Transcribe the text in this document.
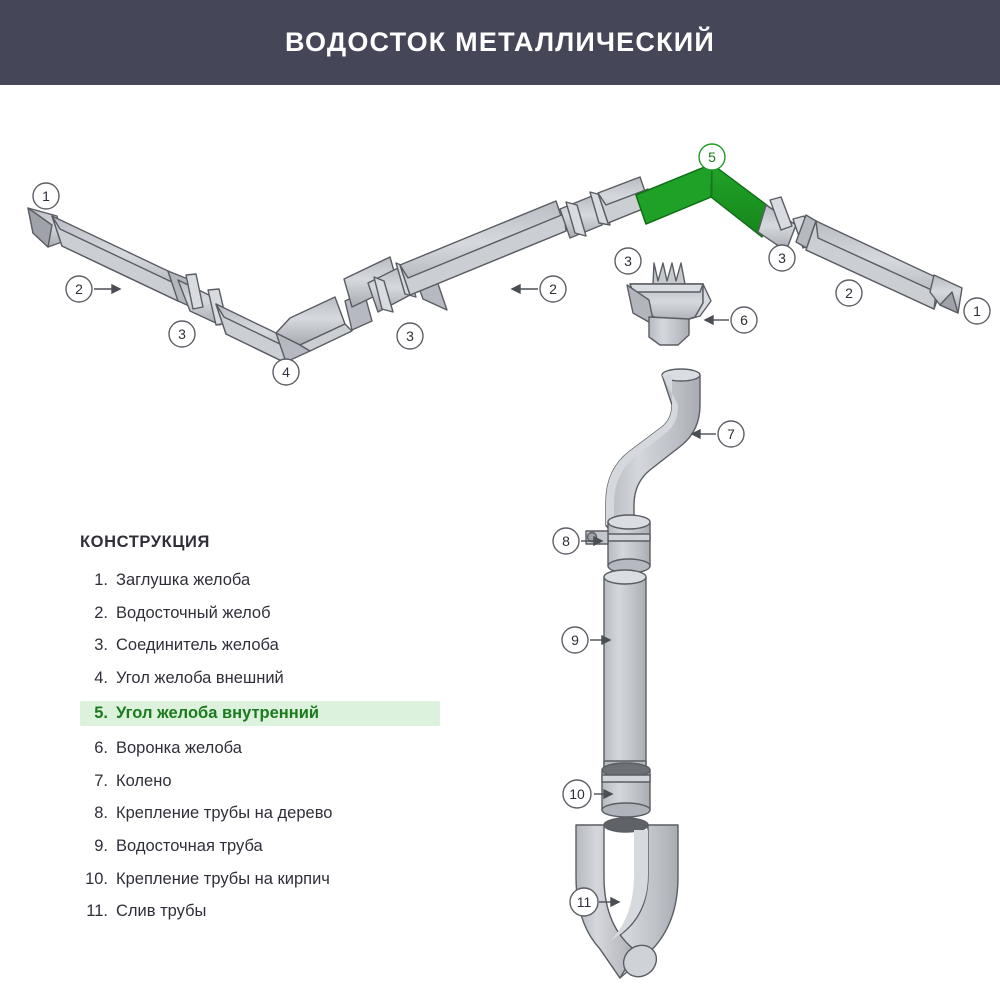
ВОДОСТОК МЕТАЛЛИЧЕСКИЙ
1
2
3
4
3
2
3
5
3
2
1
6
7
8
9
10
11
КОНСТРУКЦИЯ
1. Заглушка желоба
2. Водосточный желоб
3. Соединитель желоба
4. Угол желоба внешний
5. Угол желоба внутренний
6. Воронка желоба
7. Колено
8. Крепление трубы на дерево
9. Водосточная труба
10. Крепление трубы на кирпич
11. Слив трубы
